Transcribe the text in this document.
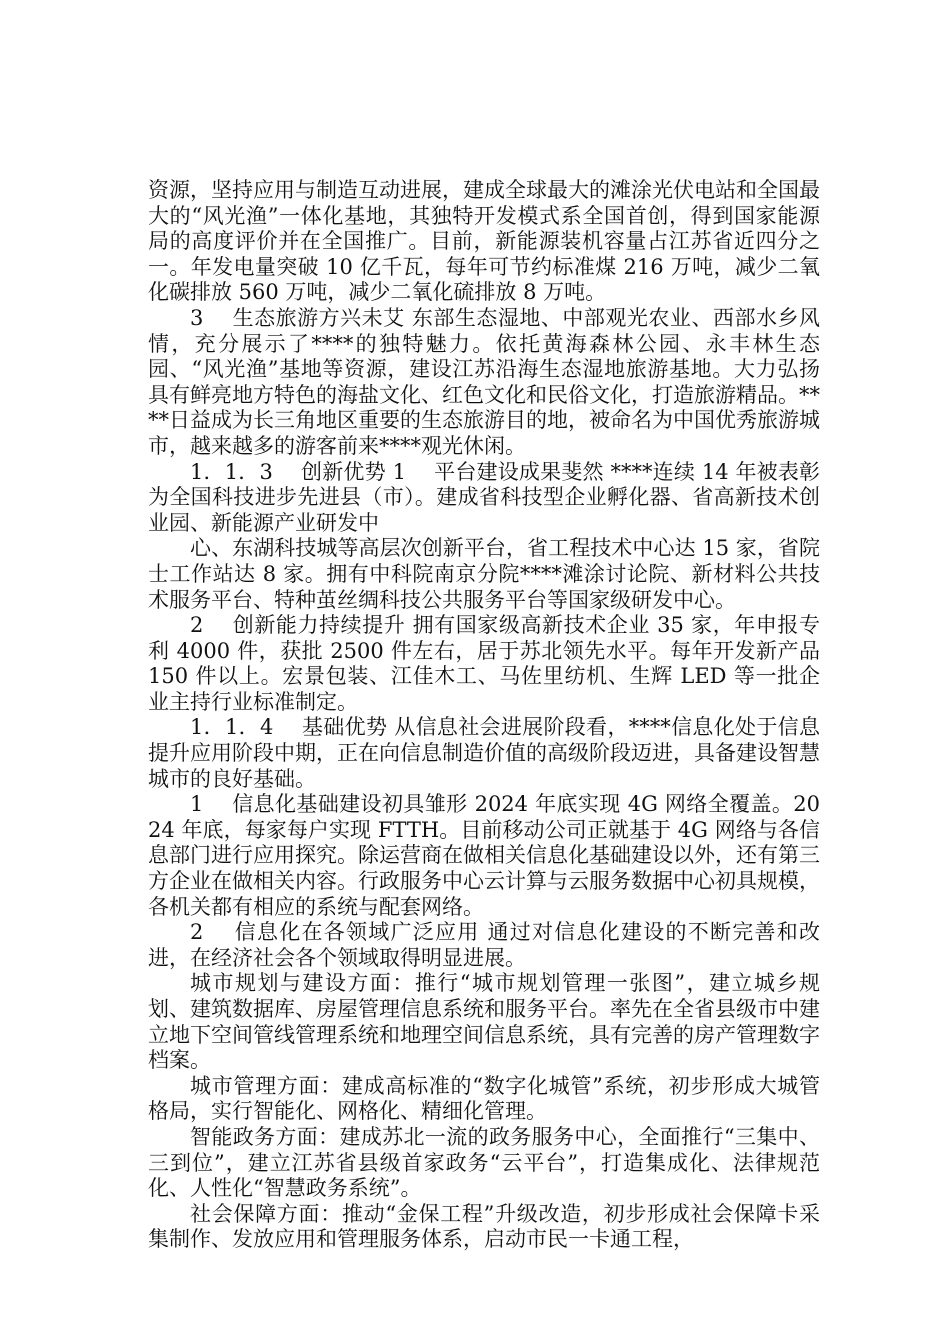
资源，坚持应用与制造互动进展，建成全球最大的滩涂光伏电站和全国最大的“风光渔”一体化基地，其独特开发模式系全国首创，得到国家能源局的高度评价并在全国推广。目前，新能源装机容量占江苏省近四分之一。年发电量突破 10 亿千瓦，每年可节约标准煤 216 万吨，减少二氧化碳排放 560 万吨，减少二氧化硫排放 8 万吨。

3　 生态旅游方兴未艾 东部生态湿地、中部观光农业、西部水乡风情，充分展示了****的独特魅力。依托黄海森林公园、永丰林生态园、“风光渔”基地等资源，建设江苏沿海生态湿地旅游基地。大力弘扬具有鲜亮地方特色的海盐文化、红色文化和民俗文化，打造旅游精品。****日益成为长三角地区重要的生态旅游目的地，被命名为中国优秀旅游城市，越来越多的游客前来****观光休闲。

1．1．3　 创新优势 1　 平台建设成果斐然 ****连续 14 年被表彰为全国科技进步先进县（市）。建成省科技型企业孵化器、省高新技术创业园、新能源产业研发中

心、东湖科技城等高层次创新平台，省工程技术中心达 15 家，省院士工作站达 8 家。拥有中科院南京分院****滩涂讨论院、新材料公共技术服务平台、特种茧丝绸科技公共服务平台等国家级研发中心。

2　 创新能力持续提升 拥有国家级高新技术企业 35 家，年申报专利 4000 件，获批 2500 件左右，居于苏北领先水平。每年开发新产品 150 件以上。宏景包装、江佳木工、马佐里纺机、生辉 LED 等一批企业主持行业标准制定。

1．1．4　 基础优势 从信息社会进展阶段看，****信息化处于信息提升应用阶段中期，正在向信息制造价值的高级阶段迈进，具备建设智慧城市的良好基础。

1　 信息化基础建设初具雏形 2024 年底实现 4G 网络全覆盖。2024 年底，每家每户实现 FTTH。目前移动公司正就基于 4G 网络与各信息部门进行应用探究。除运营商在做相关信息化基础建设以外，还有第三方企业在做相关内容。行政服务中心云计算与云服务数据中心初具规模，各机关都有相应的系统与配套网络。

2　 信息化在各领域广泛应用 通过对信息化建设的不断完善和改进，在经济社会各个领域取得明显进展。

城市规划与建设方面：推行“城市规划管理一张图”，建立城乡规划、建筑数据库、房屋管理信息系统和服务平台。率先在全省县级市中建立地下空间管线管理系统和地理空间信息系统，具有完善的房产管理数字档案。

城市管理方面：建成高标准的“数字化城管”系统，初步形成大城管格局，实行智能化、网格化、精细化管理。

智能政务方面：建成苏北一流的政务服务中心，全面推行“三集中、三到位”，建立江苏省县级首家政务“云平台”，打造集成化、法律规范化、人性化“智慧政务系统”。

社会保障方面：推动“金保工程”升级改造，初步形成社会保障卡采集制作、发放应用和管理服务体系，启动市民一卡通工程，
